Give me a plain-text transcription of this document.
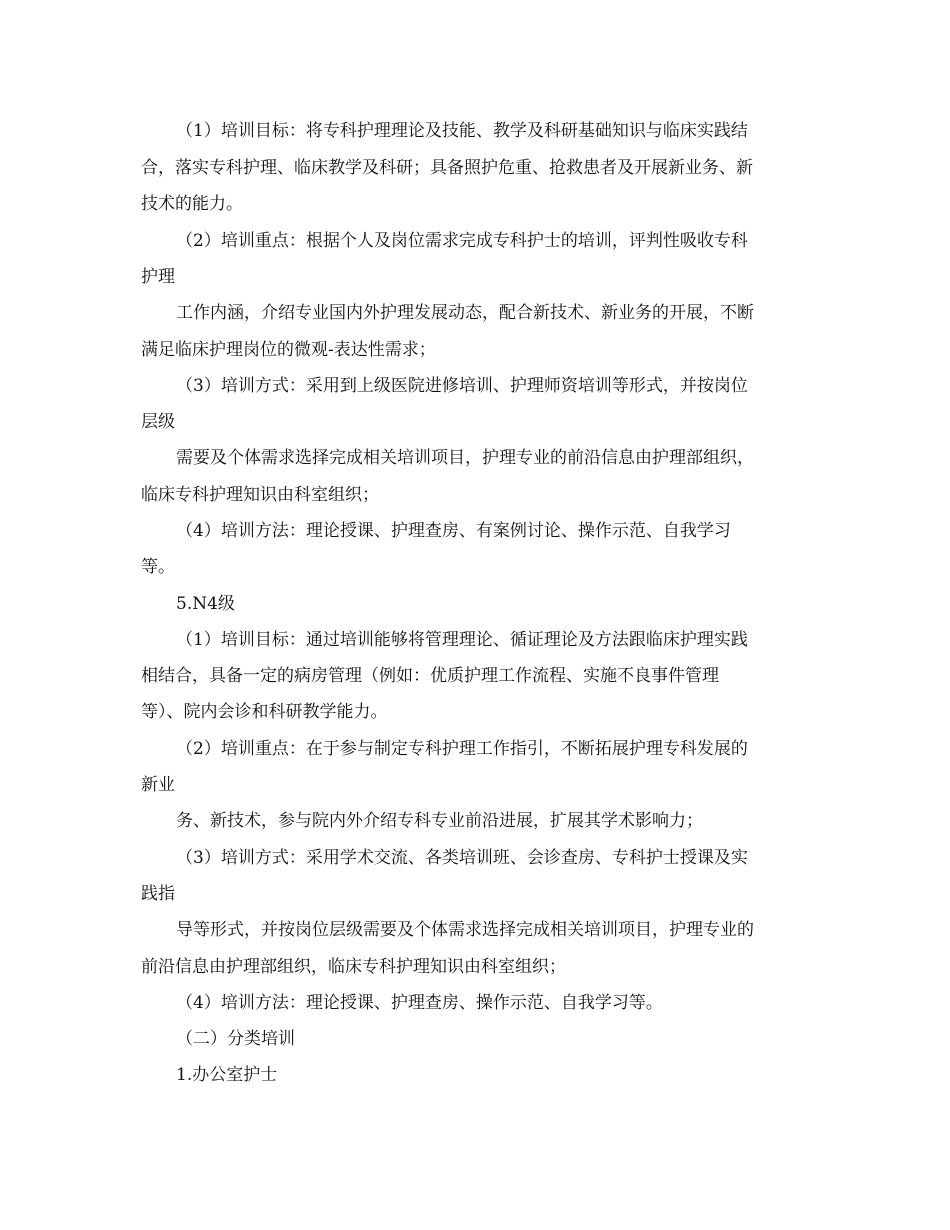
（1）培训目标：将专科护理理论及技能、教学及科研基础知识与临床实践结
合，落实专科护理、临床教学及科研；具备照护危重、抢救患者及开展新业务、新
技术的能力。
（2）培训重点：根据个人及岗位需求完成专科护士的培训，评判性吸收专科
护理
工作内涵，介绍专业国内外护理发展动态，配合新技术、新业务的开展，不断
满足临床护理岗位的微观-表达性需求；
（3）培训方式：采用到上级医院进修培训、护理师资培训等形式，并按岗位
层级
需要及个体需求选择完成相关培训项目，护理专业的前沿信息由护理部组织，
临床专科护理知识由科室组织；
（4）培训方法：理论授课、护理查房、有案例讨论、操作示范、自我学习
等。
5.N4级
（1）培训目标：通过培训能够将管理理论、循证理论及方法跟临床护理实践
相结合，具备一定的病房管理（例如：优质护理工作流程、实施不良事件管理
等）、院内会诊和科研教学能力。
（2）培训重点：在于参与制定专科护理工作指引，不断拓展护理专科发展的
新业
务、新技术，参与院内外介绍专科专业前沿进展，扩展其学术影响力；
（3）培训方式：采用学术交流、各类培训班、会诊查房、专科护士授课及实
践指
导等形式，并按岗位层级需要及个体需求选择完成相关培训项目，护理专业的
前沿信息由护理部组织，临床专科护理知识由科室组织；
（4）培训方法：理论授课、护理查房、操作示范、自我学习等。
（二）分类培训
1.办公室护士
